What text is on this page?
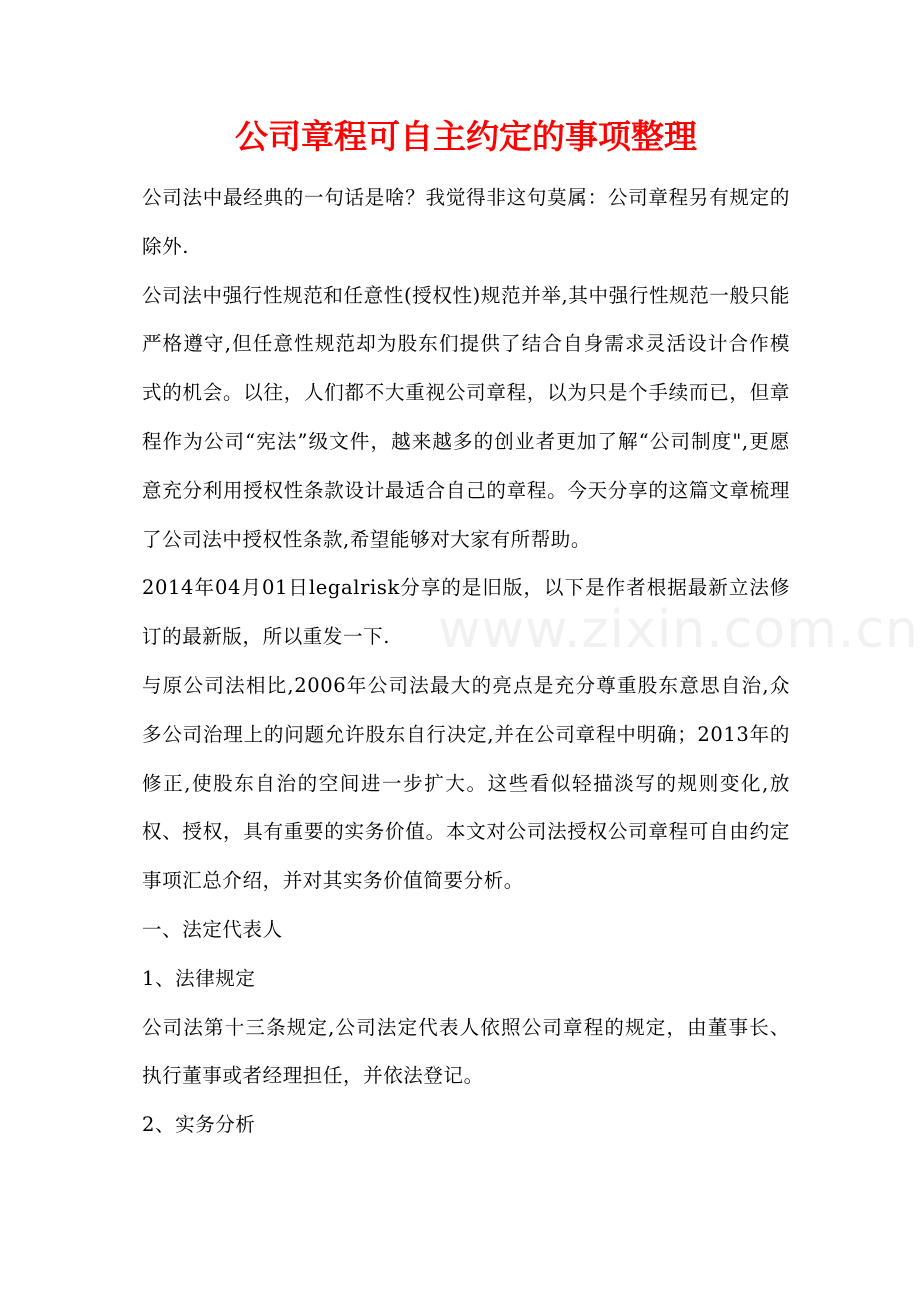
公司章程可自主约定的事项整理

公司法中最经典的一句话是啥？我觉得非这句莫属：公司章程另有规定的除外.

公司法中强行性规范和任意性(授权性)规范并举,其中强行性规范一般只能严格遵守,但任意性规范却为股东们提供了结合自身需求灵活设计合作模式的机会。以往，人们都不大重视公司章程，以为只是个手续而已，但章程作为公司“宪法”级文件，越来越多的创业者更加了解“公司制度",更愿意充分利用授权性条款设计最适合自己的章程。今天分享的这篇文章梳理了公司法中授权性条款,希望能够对大家有所帮助。

2014年04月01日legalrisk分享的是旧版，以下是作者根据最新立法修订的最新版，所以重发一下.

与原公司法相比,2006年公司法最大的亮点是充分尊重股东意思自治,众多公司治理上的问题允许股东自行决定,并在公司章程中明确；2013年的修正,使股东自治的空间进一步扩大。这些看似轻描淡写的规则变化,放权、授权，具有重要的实务价值。本文对公司法授权公司章程可自由约定事项汇总介绍，并对其实务价值简要分析。

一、法定代表人

1、法律规定

公司法第十三条规定,公司法定代表人依照公司章程的规定，由董事长、执行董事或者经理担任，并依法登记。

2、实务分析

www.zixin.com.cn
